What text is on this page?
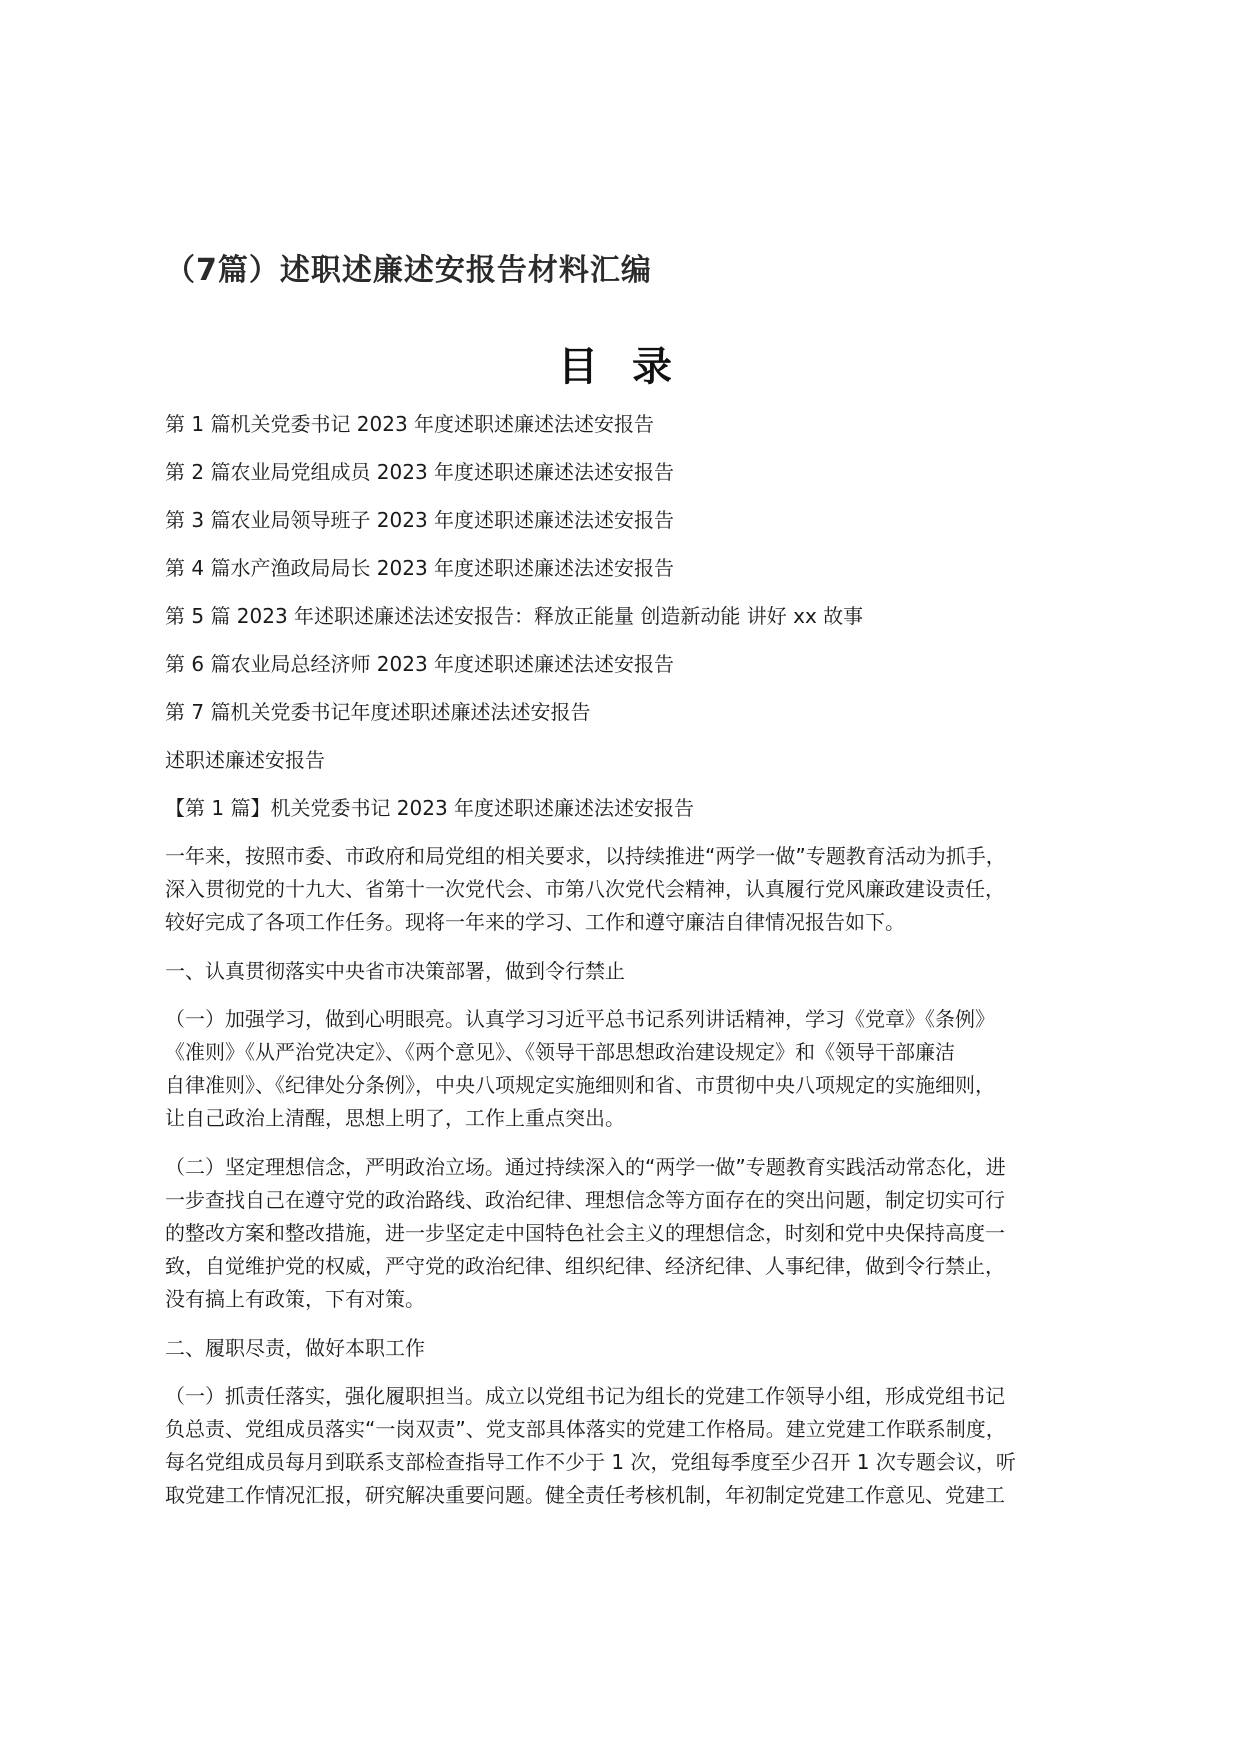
（7篇）述职述廉述安报告材料汇编
目 录
第 1 篇机关党委书记 2023 年度述职述廉述法述安报告
第 2 篇农业局党组成员 2023 年度述职述廉述法述安报告
第 3 篇农业局领导班子 2023 年度述职述廉述法述安报告
第 4 篇水产渔政局局长 2023 年度述职述廉述法述安报告
第 5 篇 2023 年述职述廉述法述安报告：释放正能量 创造新动能 讲好 xx 故事
第 6 篇农业局总经济师 2023 年度述职述廉述法述安报告
第 7 篇机关党委书记年度述职述廉述法述安报告
述职述廉述安报告
【第 1 篇】机关党委书记 2023 年度述职述廉述法述安报告
一年来，按照市委、市政府和局党组的相关要求，以持续推进“两学一做”专题教育活动为抓手，
深入贯彻党的十九大、省第十一次党代会、市第八次党代会精神，认真履行党风廉政建设责任，
较好完成了各项工作任务。现将一年来的学习、工作和遵守廉洁自律情况报告如下。
一、认真贯彻落实中央省市决策部署，做到令行禁止
（一）加强学习，做到心明眼亮。认真学习习近平总书记系列讲话精神，学习《党章》《条例》
《准则》《从严治党决定》、《两个意见》、《领导干部思想政治建设规定》和《领导干部廉洁
自律准则》、《纪律处分条例》，中央八项规定实施细则和省、市贯彻中央八项规定的实施细则，
让自己政治上清醒，思想上明了，工作上重点突出。
（二）坚定理想信念，严明政治立场。通过持续深入的“两学一做”专题教育实践活动常态化，进
一步查找自己在遵守党的政治路线、政治纪律、理想信念等方面存在的突出问题，制定切实可行
的整改方案和整改措施，进一步坚定走中国特色社会主义的理想信念，时刻和党中央保持高度一
致，自觉维护党的权威，严守党的政治纪律、组织纪律、经济纪律、人事纪律，做到令行禁止，
没有搞上有政策，下有对策。
二、履职尽责，做好本职工作
（一）抓责任落实，强化履职担当。成立以党组书记为组长的党建工作领导小组，形成党组书记
负总责、党组成员落实“一岗双责”、党支部具体落实的党建工作格局。建立党建工作联系制度，
每名党组成员每月到联系支部检查指导工作不少于 1 次，党组每季度至少召开 1 次专题会议，听
取党建工作情况汇报，研究解决重要问题。健全责任考核机制，年初制定党建工作意见、党建工
